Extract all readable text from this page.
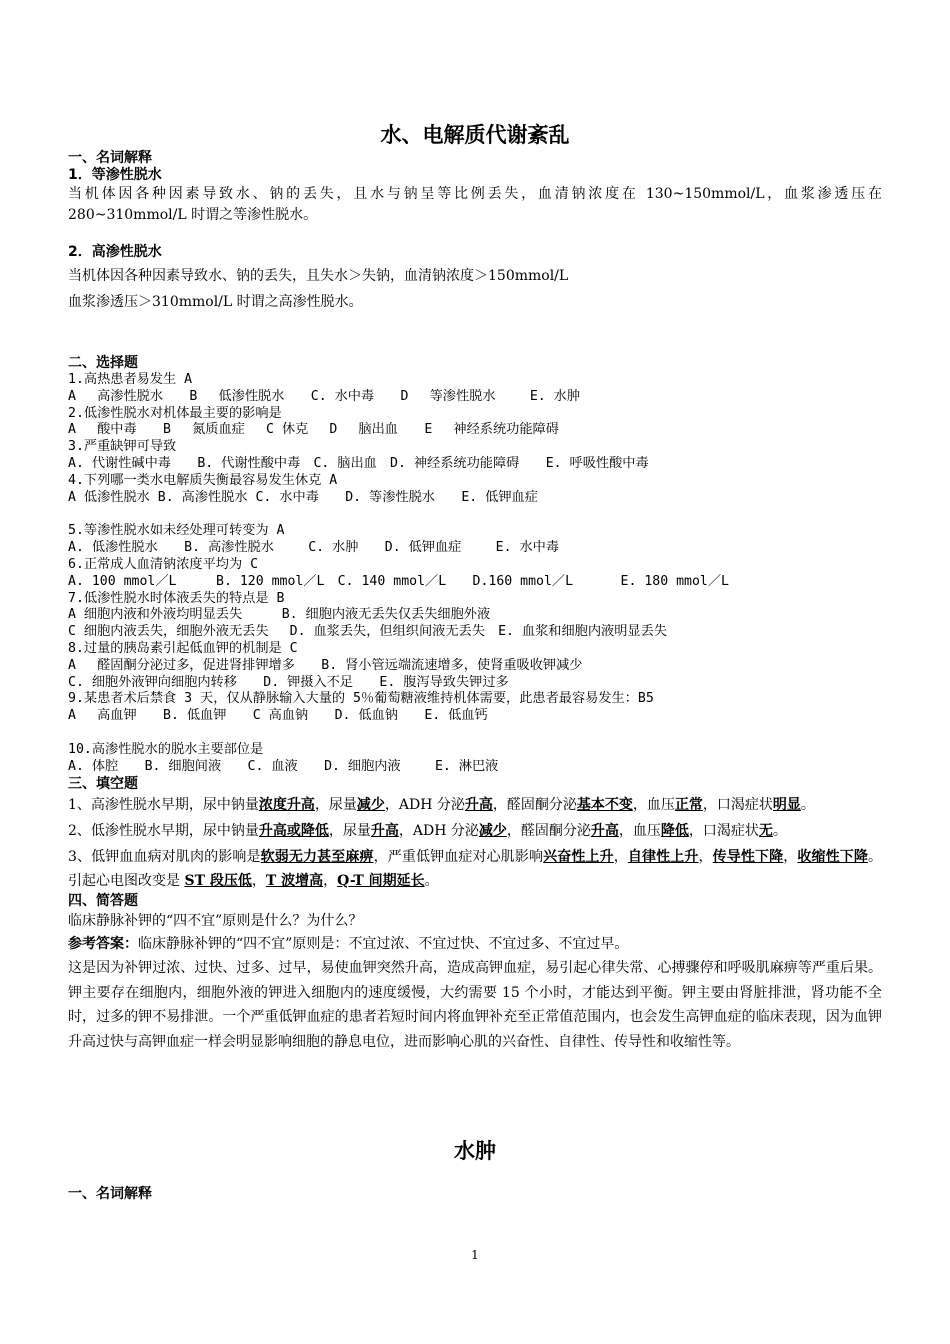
水、电解质代谢紊乱
一、名词解释
1．等渗性脱水
当机体因各种因素导致水、钠的丢失，且水与钠呈等比例丢失，血清钠浓度在 130~150mmol/L，血浆渗透压在 280~310mmol/L 时谓之等渗性脱水。
2．高渗性脱水
当机体因各种因素导致水、钠的丢失，且失水＞失钠，血清钠浓度＞150mmol/L
血浆渗透压＞310mmol/L 时谓之高渗性脱水。
二、选择题
1.高热患者易发生 A
A　 高渗性脱水　　B　 低渗性脱水　　C. 水中毒　　D　 等渗性脱水　　 E. 水肿
2.低渗性脱水对机体最主要的影响是
A　 酸中毒　　B　 氮质血症　 C 休克　 D　 脑出血　　E　 神经系统功能障碍
3.严重缺钾可导致
A. 代谢性碱中毒　　B. 代谢性酸中毒　C. 脑出血　D. 神经系统功能障碍　　E. 呼吸性酸中毒
4.下列哪一类水电解质失衡最容易发生休克 A
A 低渗性脱水 B. 高渗性脱水 C. 水中毒　　D. 等渗性脱水　　E. 低钾血症
5.等渗性脱水如未经处理可转变为 A
A. 低渗性脱水　　B. 高渗性脱水　　 C. 水肿　　D. 低钾血症　　 E. 水中毒
6.正常成人血清钠浓度平均为 C
A. 100 mmol／L　　　B. 120 mmol／L　C. 140 mmol／L　　D.160 mmol／L　　　 E. 180 mmol／L
7.低渗性脱水时体液丢失的特点是 B
A 细胞内液和外液均明显丢失　　　B. 细胞内液无丢失仅丢失细胞外液
C 细胞内液丢失，细胞外液无丢失　 D. 血浆丢失，但组织间液无丢失　E. 血浆和细胞内液明显丢失
8.过量的胰岛素引起低血钾的机制是 C
A　 醛固酮分泌过多，促进肾排钾增多　　B. 肾小管远端流速增多，使肾重吸收钾减少
C. 细胞外液钾向细胞内转移　　D. 钾摄入不足　　E. 腹泻导致失钾过多
9.某患者术后禁食 3 天，仅从静脉输入大量的 5％葡萄糖液维持机体需要，此患者最容易发生：B5
A　 高血钾　　B. 低血钾　　C 高血钠　　D. 低血钠　　E. 低血钙
10.高渗性脱水的脱水主要部位是
A. 体腔　　B. 细胞间液　　C. 血液　　D. 细胞内液　　 E. 淋巴液
三、填空题
1、高渗性脱水早期，尿中钠量浓度升高，尿量减少，ADH 分泌升高，醛固酮分泌基本不变，血压正常，口渴症状明显。
2、低渗性脱水早期，尿中钠量升高或降低，尿量升高，ADH 分泌减少，醛固酮分泌升高，血压降低，口渴症状无。
3、低钾血血病对肌肉的影响是软弱无力甚至麻痹，严重低钾血症对心肌影响兴奋性上升，自律性上升，传导性下降，收缩性下降。引起心电图改变是 ST 段压低，T 波增高，Q-T 间期延长。
四、简答题
临床静脉补钾的“四不宜”原则是什么？为什么？
参考答案：临床静脉补钾的“四不宜”原则是：不宜过浓、不宜过快、不宜过多、不宜过早。
这是因为补钾过浓、过快、过多、过早，易使血钾突然升高，造成高钾血症，易引起心律失常、心搏骤停和呼吸肌麻痹等严重后果。钾主要存在细胞内，细胞外液的钾进入细胞内的速度缓慢，大约需要 15 个小时，才能达到平衡。钾主要由肾脏排泄，肾功能不全时，过多的钾不易排泄。一个严重低钾血症的患者若短时间内将血钾补充至正常值范围内，也会发生高钾血症的临床表现，因为血钾升高过快与高钾血症一样会明显影响细胞的静息电位，进而影响心肌的兴奋性、自律性、传导性和收缩性等。
水肿
一、名词解释
1
